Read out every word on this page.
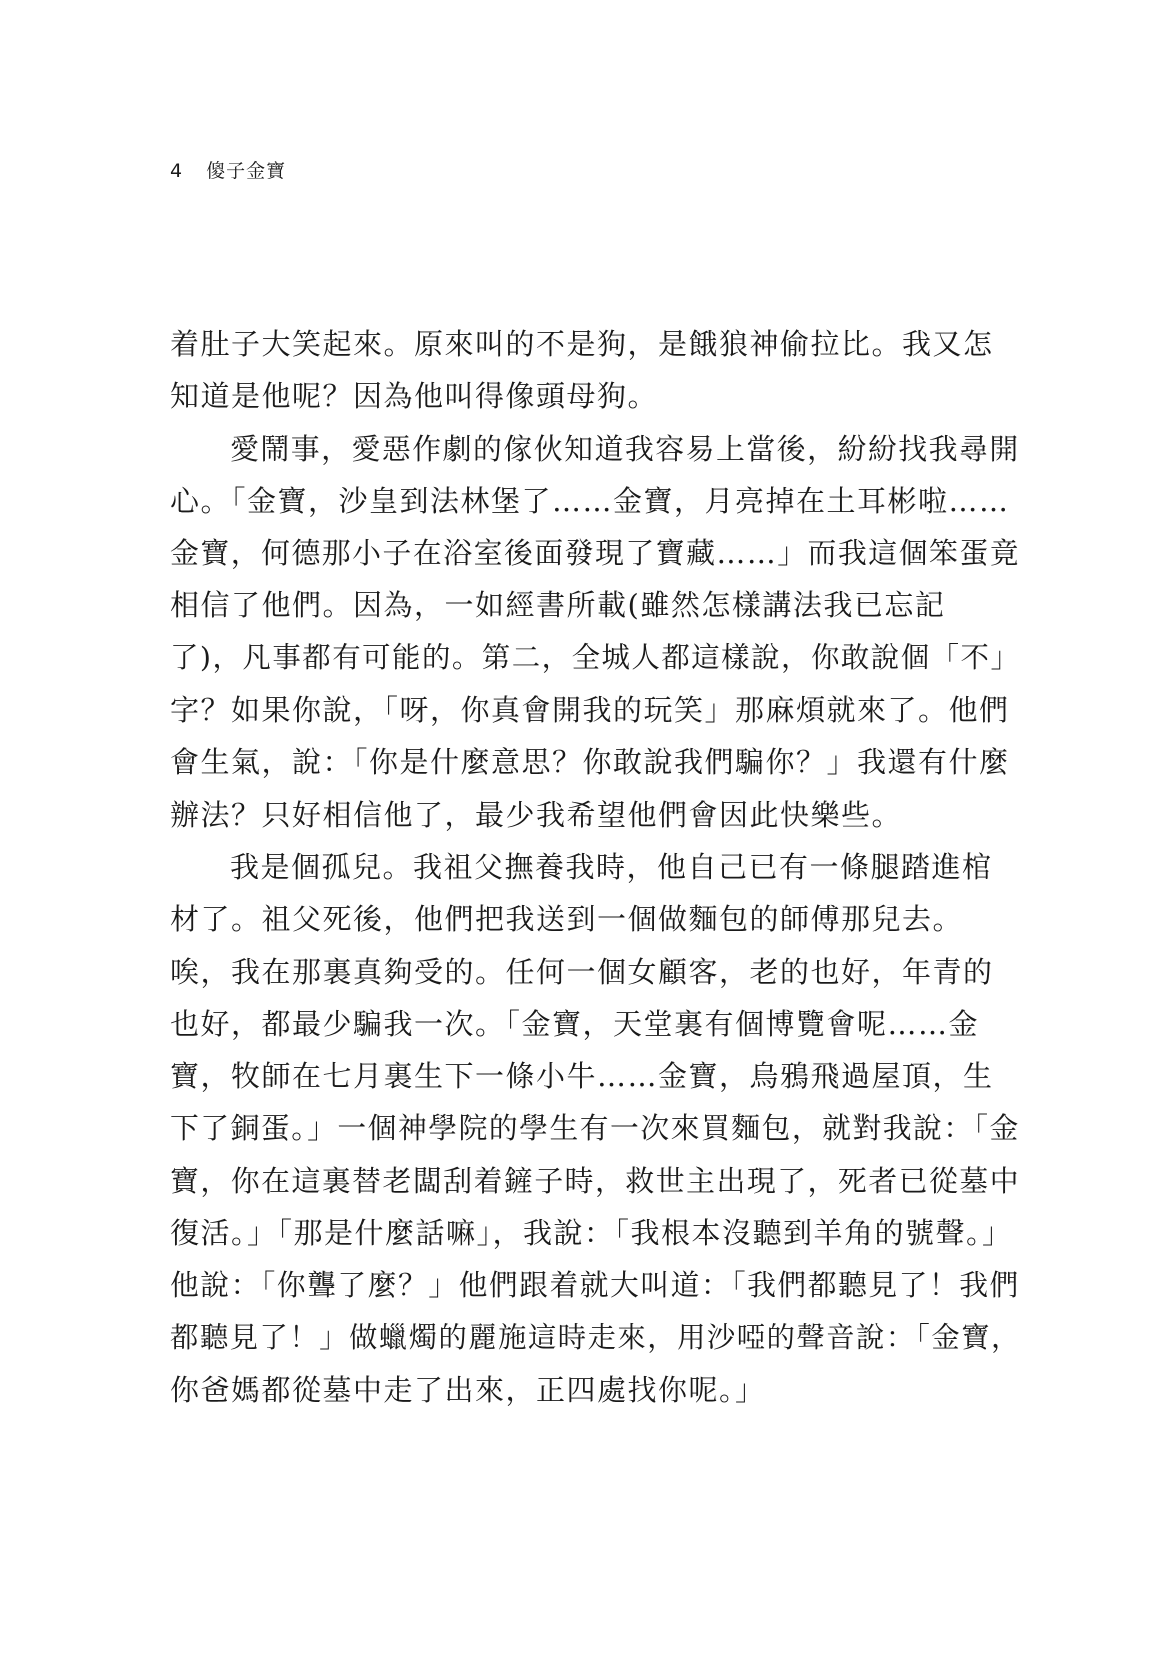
4 傻子金寶
着肚子大笑起來。原來叫的不是狗，是餓狼神偷拉比。我又怎
知道是他呢？因為他叫得像頭母狗。
愛鬧事，愛惡作劇的傢伙知道我容易上當後，紛紛找我尋開
心。「金寶，沙皇到法林堡了……金寶，月亮掉在土耳彬啦……
金寶，何德那小子在浴室後面發現了寶藏……」而我這個笨蛋竟
相信了他們。因為，一如經書所載(雖然怎樣講法我已忘記
了)，凡事都有可能的。第二，全城人都這樣說，你敢說個「不」
字？如果你說，「呀，你真會開我的玩笑」那麻煩就來了。他們
會生氣，說：「你是什麼意思？你敢說我們騙你？」我還有什麼
辦法？只好相信他了，最少我希望他們會因此快樂些。
我是個孤兒。我祖父撫養我時，他自己已有一條腿踏進棺
材了。祖父死後，他們把我送到一個做麵包的師傅那兒去。
唉，我在那裏真夠受的。任何一個女顧客，老的也好，年青的
也好，都最少騙我一次。「金寶，天堂裏有個博覽會呢……金
寶，牧師在七月裏生下一條小牛……金寶，烏鴉飛過屋頂，生
下了銅蛋。」一個神學院的學生有一次來買麵包，就對我說：「金
寶，你在這裏替老闆刮着鏟子時，救世主出現了，死者已從墓中
復活。」「那是什麼話嘛」，我說：「我根本沒聽到羊角的號聲。」
他說：「你聾了麼？」他們跟着就大叫道：「我們都聽見了！我們
都聽見了！」做蠟燭的麗施這時走來，用沙啞的聲音說：「金寶，
你爸媽都從墓中走了出來，正四處找你呢。」
